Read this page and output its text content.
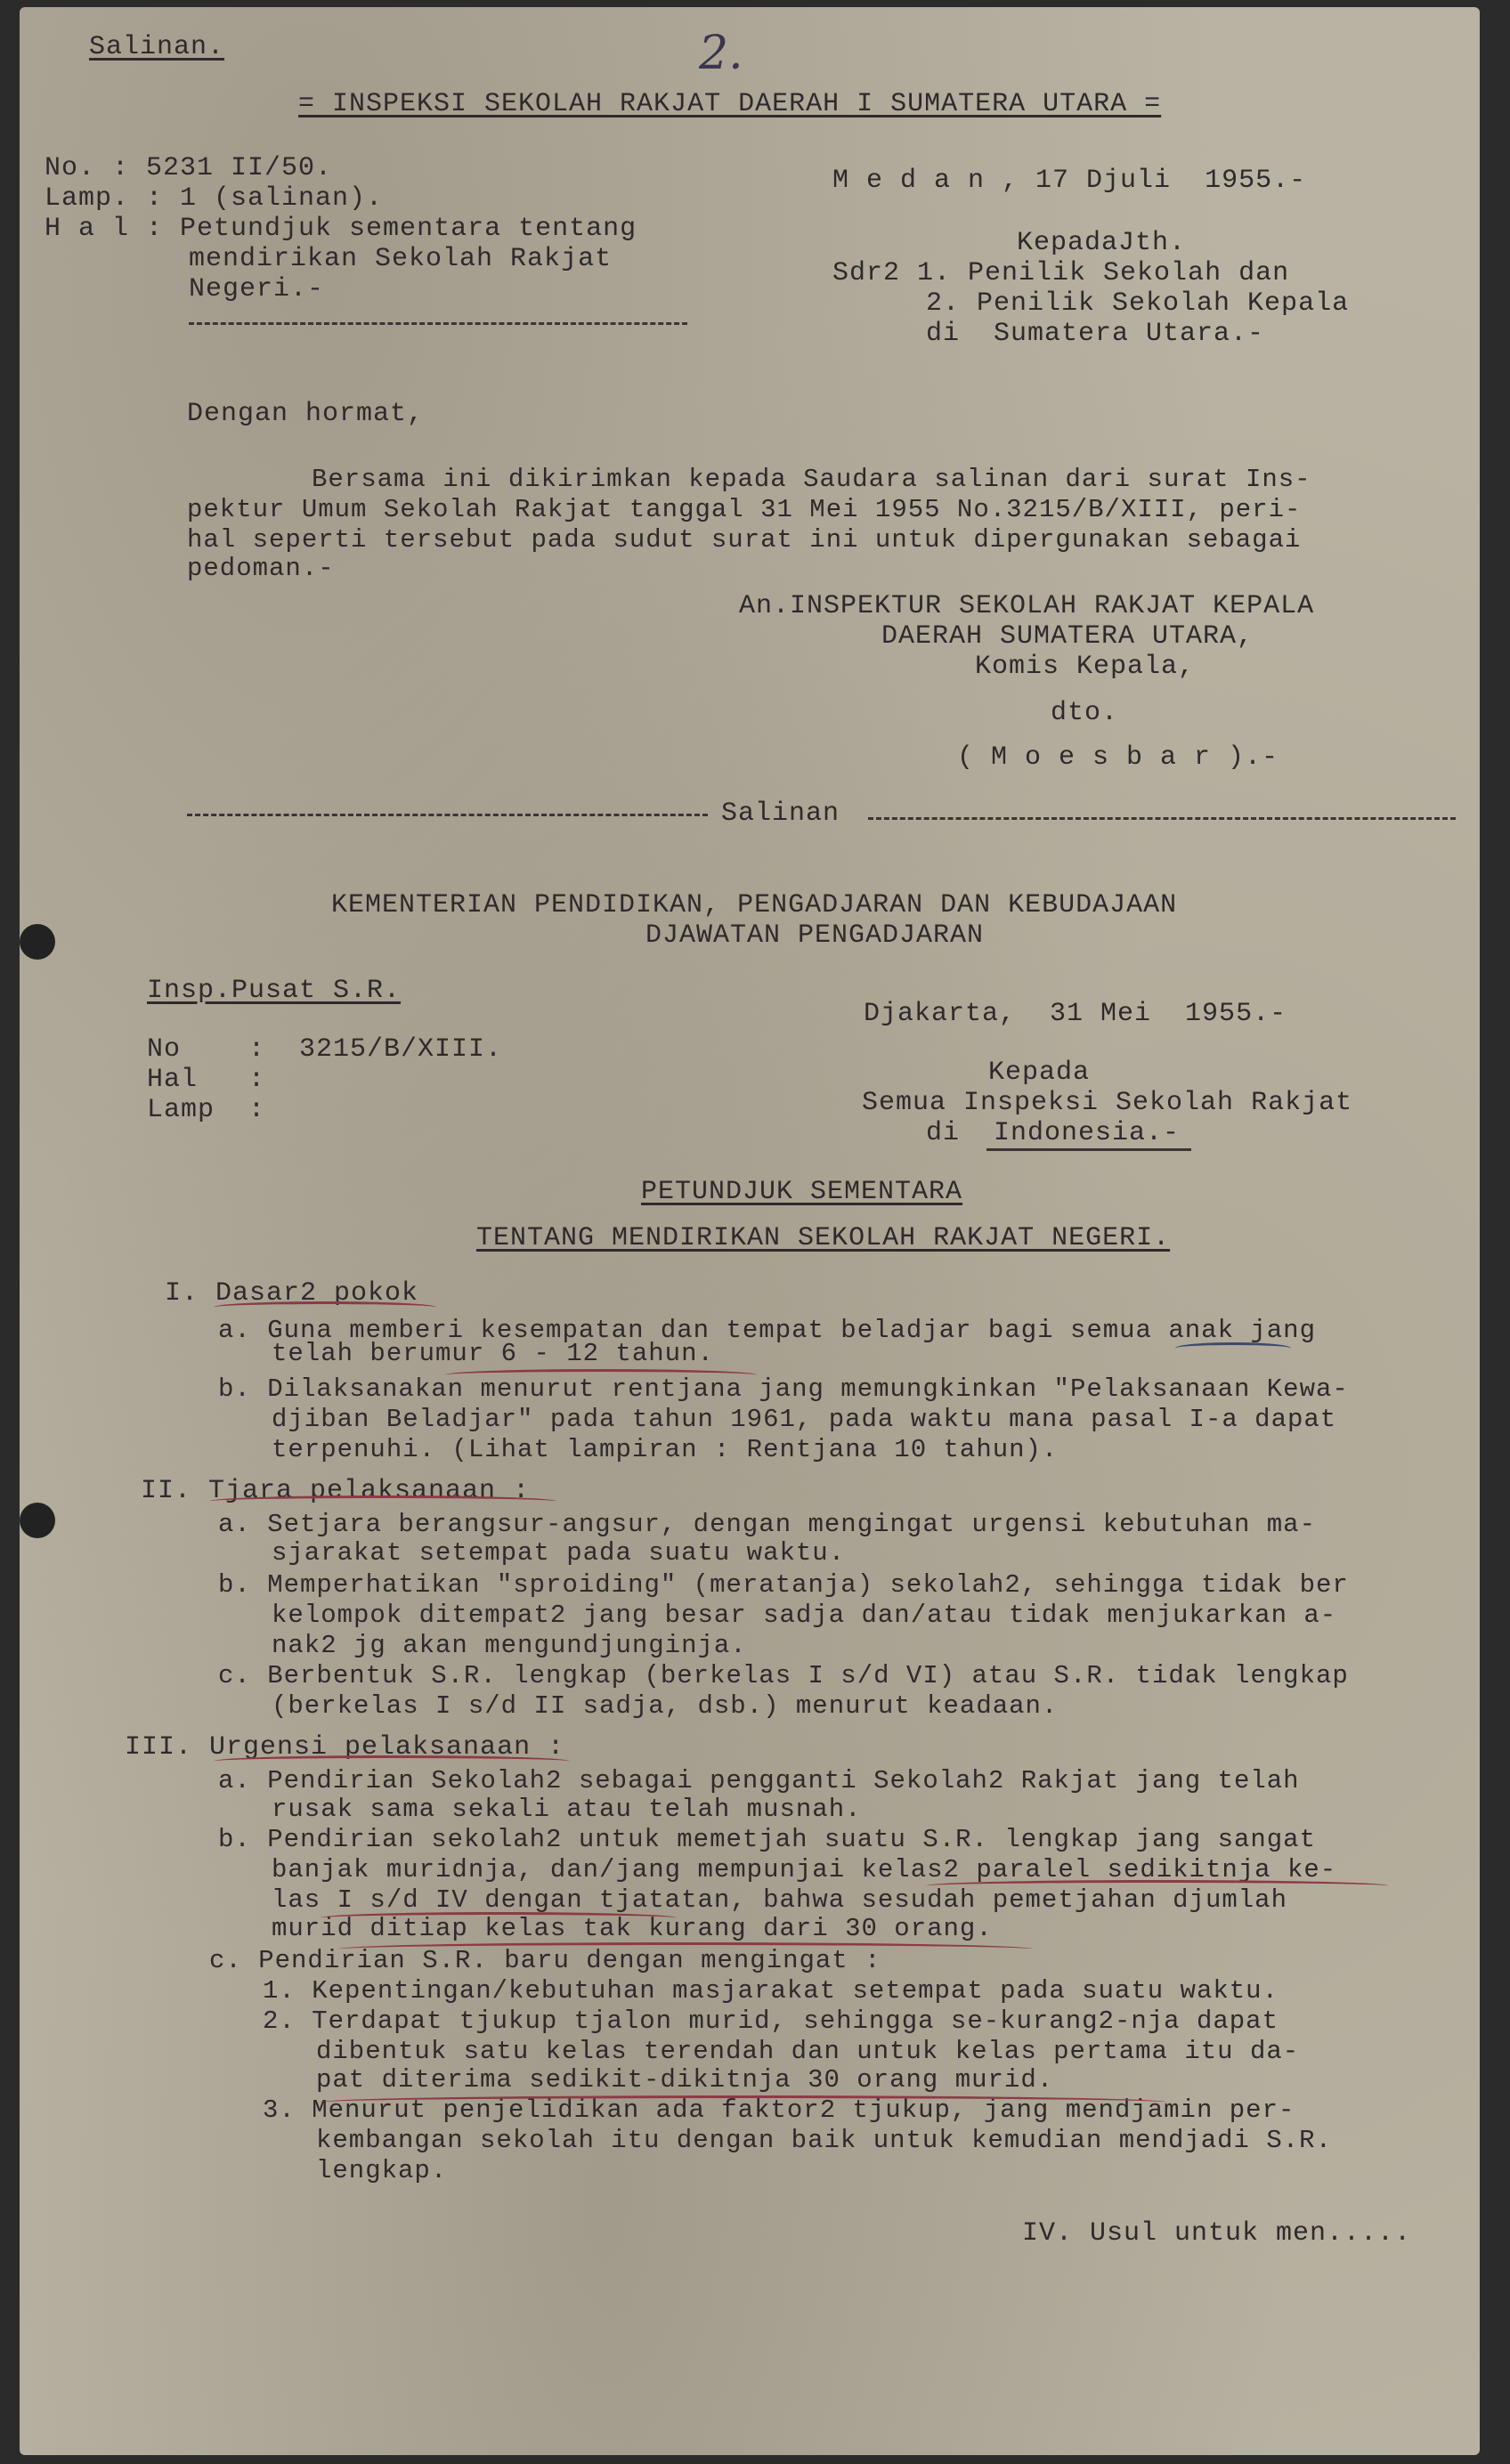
Salinan.	2.
= INSPEKSI SEKOLAH RAKJAT DAERAH I SUMATERA UTARA =
No. : 5231 II/50.
Lamp. : 1 (salinan).
H a l : Petundjuk sementara tentang
mendirikan Sekolah Rakjat
Negeri.-
M e d a n , 17 Djuli  1955.-
KepadaJth.
Sdr2 1. Penilik Sekolah dan
2. Penilik Sekolah Kepala
di  Sumatera Utara.-
Dengan hormat,
Bersama ini dikirimkan kepada Saudara salinan dari surat Ins-
pektur Umum Sekolah Rakjat tanggal 31 Mei 1955 No.3215/B/XIII, peri-
hal seperti tersebut pada sudut surat ini untuk dipergunakan sebagai
pedoman.-
An.INSPEKTUR SEKOLAH RAKJAT KEPALA
DAERAH SUMATERA UTARA,
Komis Kepala,
dto.
( M o e s b a r ).-
Salinan
KEMENTERIAN PENDIDIKAN, PENGADJARAN DAN KEBUDAJAAN
DJAWATAN PENGADJARAN
Insp.Pusat S.R.
No    :  3215/B/XIII.
Hal   :
Lamp  :
Djakarta,  31 Mei  1955.-
Kepada
Semua Inspeksi Sekolah Rakjat
di  Indonesia.-
PETUNDJUK SEMENTARA
TENTANG MENDIRIKAN SEKOLAH RAKJAT NEGERI.
I. Dasar2 pokok
a. Guna memberi kesempatan dan tempat beladjar bagi semua anak jang
telah berumur 6 - 12 tahun.
b. Dilaksanakan menurut rentjana jang memungkinkan "Pelaksanaan Kewa-
djiban Beladjar" pada tahun 1961, pada waktu mana pasal I-a dapat
terpenuhi. (Lihat lampiran : Rentjana 10 tahun).
II. Tjara pelaksanaan :
a. Setjara berangsur-angsur, dengan mengingat urgensi kebutuhan ma-
sjarakat setempat pada suatu waktu.
b. Memperhatikan "sproiding" (meratanja) sekolah2, sehingga tidak ber
kelompok ditempat2 jang besar sadja dan/atau tidak menjukarkan a-
nak2 jg akan mengundjunginja.
c. Berbentuk S.R. lengkap (berkelas I s/d VI) atau S.R. tidak lengkap
(berkelas I s/d II sadja, dsb.) menurut keadaan.
III. Urgensi pelaksanaan :
a. Pendirian Sekolah2 sebagai pengganti Sekolah2 Rakjat jang telah
rusak sama sekali atau telah musnah.
b. Pendirian sekolah2 untuk memetjah suatu S.R. lengkap jang sangat
banjak muridnja, dan/jang mempunjai kelas2 paralel sedikitnja ke-
las I s/d IV dengan tjatatan, bahwa sesudah pemetjahan djumlah
murid ditiap kelas tak kurang dari 30 orang.
c. Pendirian S.R. baru dengan mengingat :
1. Kepentingan/kebutuhan masjarakat setempat pada suatu waktu.
2. Terdapat tjukup tjalon murid, sehingga se-kurang2-nja dapat
dibentuk satu kelas terendah dan untuk kelas pertama itu da-
pat diterima sedikit-dikitnja 30 orang murid.
3. Menurut penjelidikan ada faktor2 tjukup, jang mendjamin per-
kembangan sekolah itu dengan baik untuk kemudian mendjadi S.R.
lengkap.
IV. Usul untuk men.....
